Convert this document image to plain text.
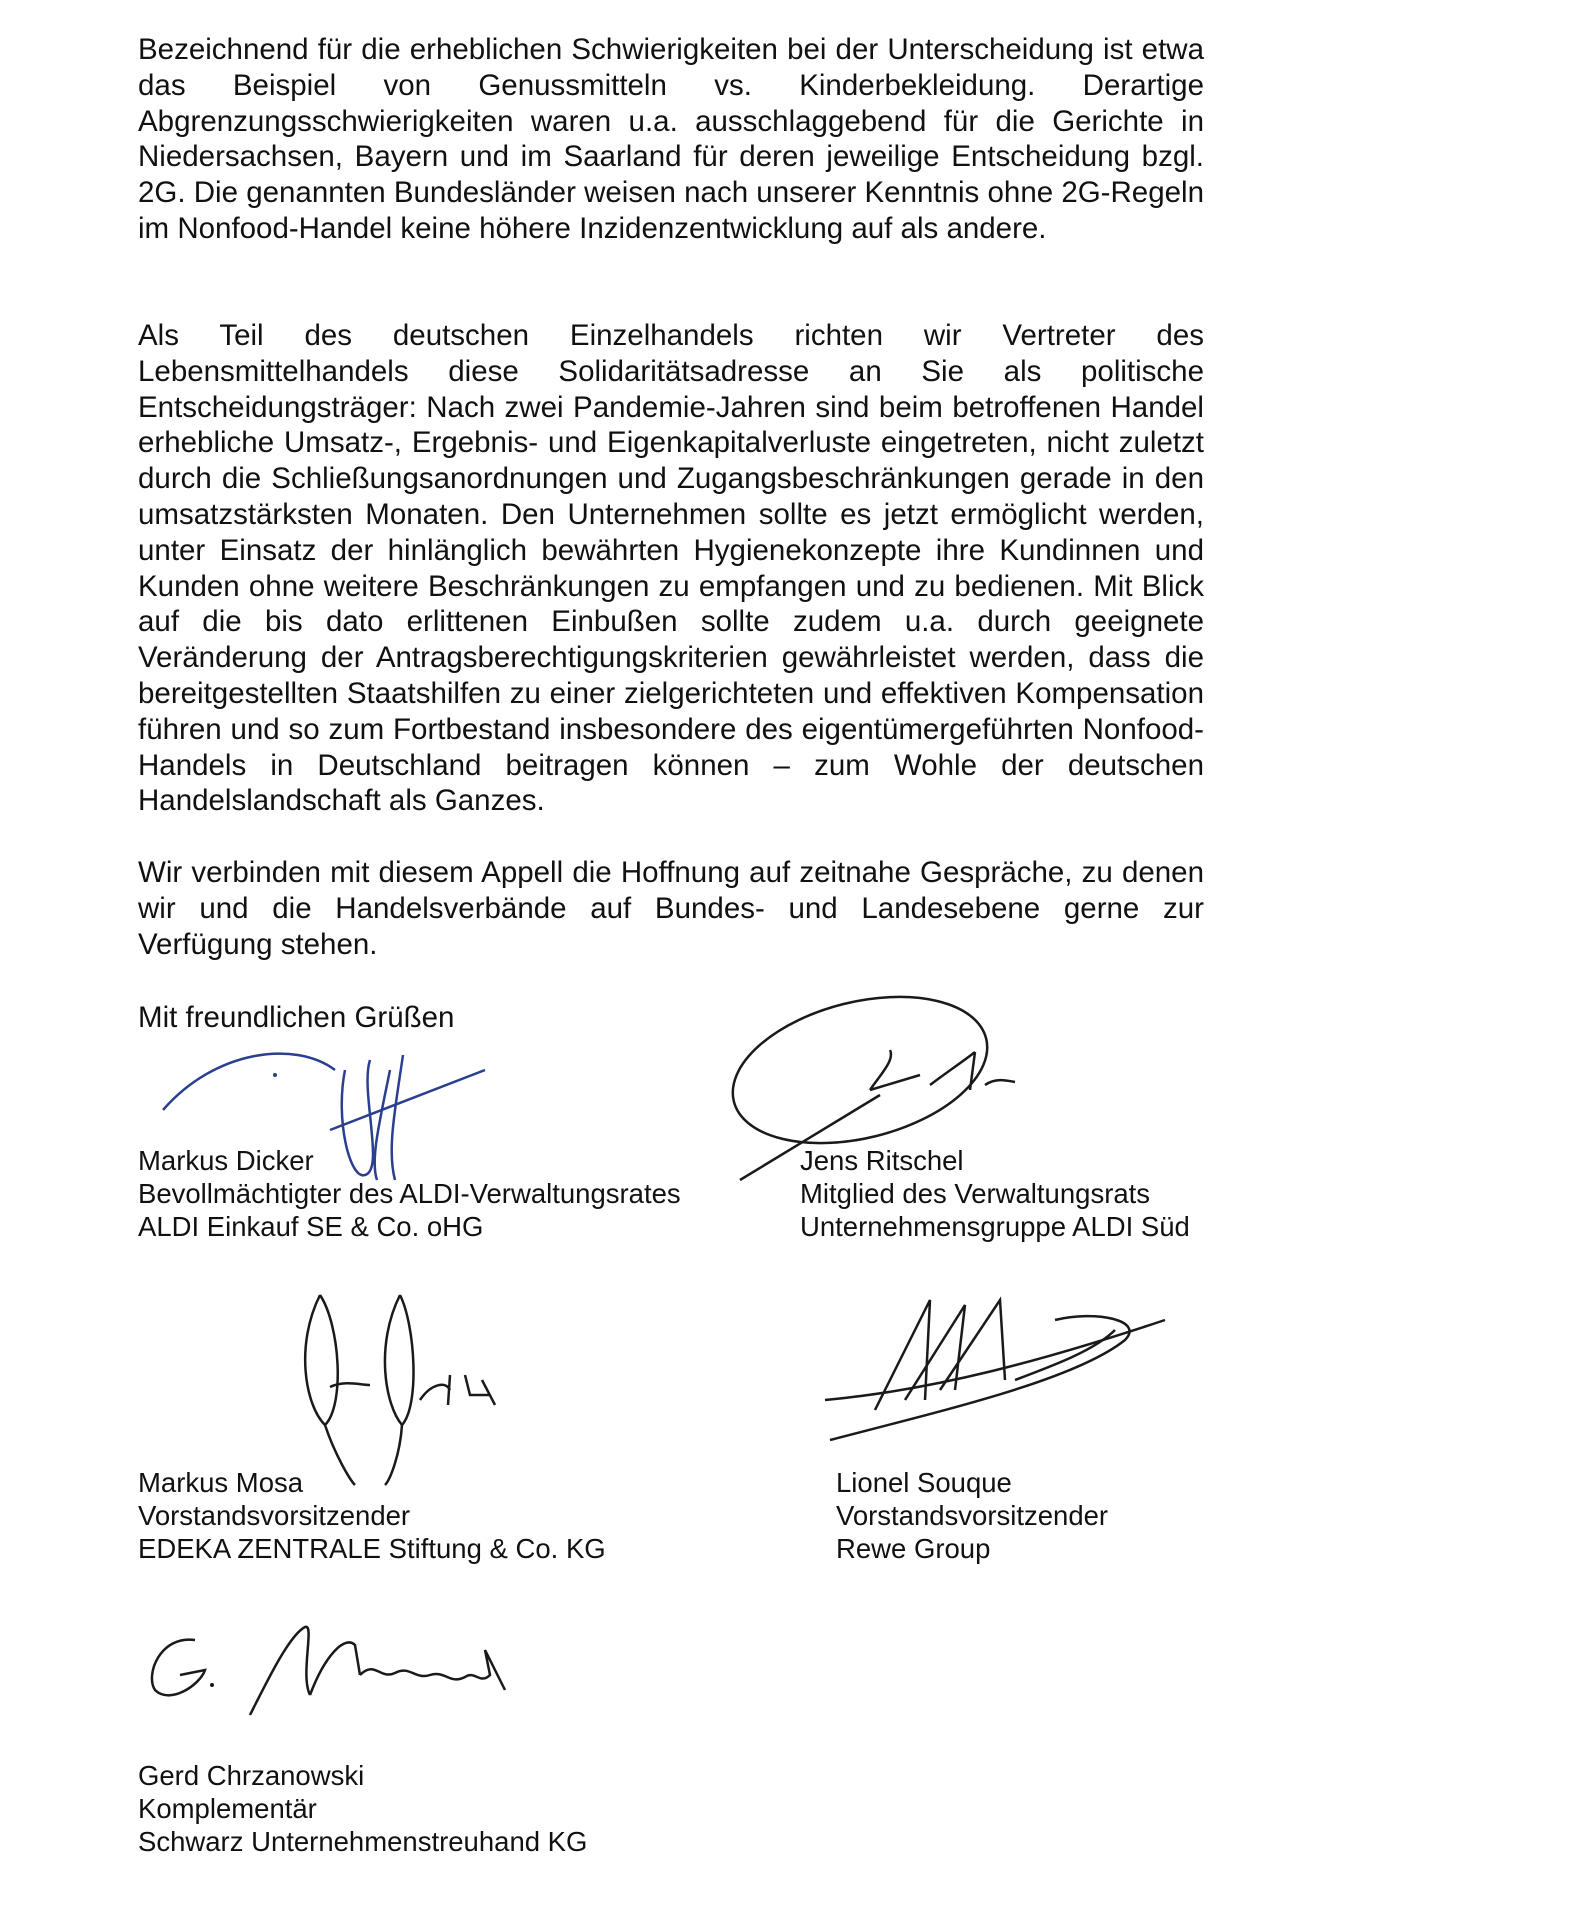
Bezeichnend für die erheblichen Schwierigkeiten bei der Unterscheidung ist etwa das Beispiel von Genussmitteln vs. Kinderbekleidung. Derartige Abgrenzungsschwierigkeiten waren u.a. ausschlaggebend für die Gerichte in Niedersachsen, Bayern und im Saarland für deren jeweilige Entscheidung bzgl. 2G. Die genannten Bundesländer weisen nach unserer Kenntnis ohne 2G-Regeln im Nonfood-Handel keine höhere Inzidenzentwicklung auf als andere.

Als Teil des deutschen Einzelhandels richten wir Vertreter des Lebensmittelhandels diese Solidaritätsadresse an Sie als politische Entscheidungsträger: Nach zwei Pandemie-Jahren sind beim betroffenen Handel erhebliche Umsatz-, Ergebnis- und Eigenkapitalverluste eingetreten, nicht zuletzt durch die Schließungsanordnungen und Zugangsbeschränkungen gerade in den umsatzstärksten Monaten. Den Unternehmen sollte es jetzt ermöglicht werden, unter Einsatz der hinlänglich bewährten Hygienekonzepte ihre Kundinnen und Kunden ohne weitere Beschränkungen zu empfangen und zu bedienen. Mit Blick auf die bis dato erlittenen Einbußen sollte zudem u.a. durch geeignete Veränderung der Antragsberechtigungskriterien gewährleistet werden, dass die bereitgestellten Staatshilfen zu einer zielgerichteten und effektiven Kompensation führen und so zum Fortbestand insbesondere des eigentümergeführten Nonfood-Handels in Deutschland beitragen können – zum Wohle der deutschen Handelslandschaft als Ganzes.

Wir verbinden mit diesem Appell die Hoffnung auf zeitnahe Gespräche, zu denen wir und die Handelsverbände auf Bundes- und Landesebene gerne zur Verfügung stehen.

Mit freundlichen Grüßen

Markus Dicker
Bevollmächtigter des ALDI-Verwaltungsrates
ALDI Einkauf SE & Co. oHG
Jens Ritschel
Mitglied des Verwaltungsrats
Unternehmensgruppe ALDI Süd
Markus Mosa
Vorstandsvorsitzender
EDEKA ZENTRALE Stiftung & Co. KG
Lionel Souque
Vorstandsvorsitzender
Rewe Group
Gerd Chrzanowski
Komplementär
Schwarz Unternehmenstreuhand KG
